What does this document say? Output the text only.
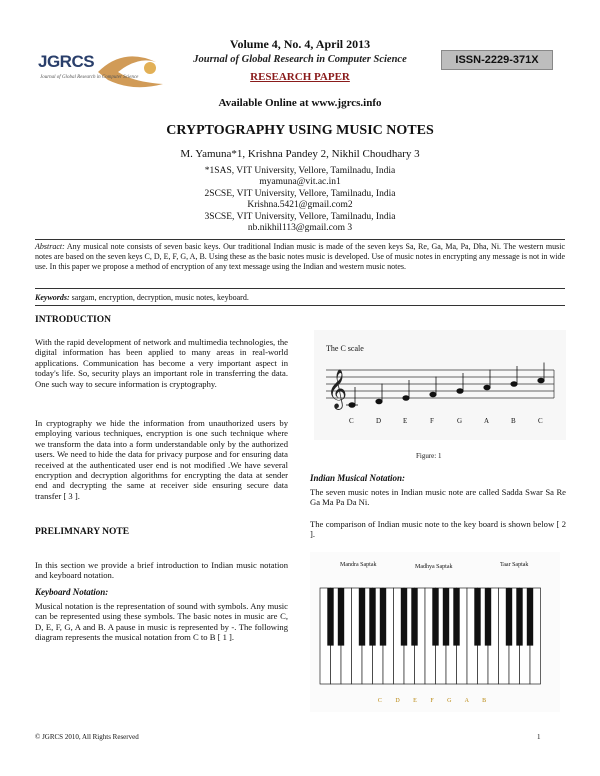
JGRCS
Journal of Global Research in Computer Science
Volume 4, No. 4, April 2013
Journal of Global Research in Computer Science
RESEARCH PAPER
Available Online at www.jgrcs.info
ISSN-2229-371X
CRYPTOGRAPHY USING MUSIC NOTES
M. Yamuna*1, Krishna Pandey 2, Nikhil Choudhary 3
*1SAS, VIT University, Vellore, Tamilnadu, India
myamuna@vit.ac.in1
2SCSE, VIT University, Vellore, Tamilnadu, India
Krishna.5421@gmail.com2
3SCSE, VIT University, Vellore, Tamilnadu, India
nb.nikhil113@gmail.com 3
Abstract: Any musical note consists of seven basic keys. Our traditional Indian music is made of the seven keys Sa, Re, Ga, Ma, Pa, Dha, Ni. The western music notes are based on the seven keys C, D, E, F, G, A, B. Using these as the basic notes music is developed. Use of music notes in encrypting any message is not in wide use. In this paper we propose a method of encryption of any text message using the Indian and western music notes.
Keywords: sargam, encryption, decryption, music notes, keyboard.
INTRODUCTION
With the rapid development of network and multimedia technologies, the digital information has been applied to many areas in real-world applications. Communication has become a very important aspect in today's life. So, security plays an important role in transferring the data. One such way to secure information is cryptography.
In cryptography we hide the information from unauthorized users by employing various techniques, encryption is one such technique where we transform the data into a form understandable only by the authorized users. We need to hide the data for privacy purpose and for ensuring data received at the authenticated user end is not modified .We have several encryption and decryption algorithms for encrypting the data at sender end and decrypting the same at receiver side ensuring secure data transfer [ 3 ].
PRELIMNARY NOTE
In this section we provide a brief introduction to Indian music notation and keyboard notation.
Keyboard Notation:
Musical notation is the representation of sound with symbols. Any music can be represented using these symbols. The basic notes in music are C, D, E, F, G, A and B. A pause in music is represented by -. The following diagram represents the musical notation from C to B [ 1 ].
The C scale
𝄞
C	D	E	F	G	A	B	C
Figure: 1
Indian Musical Notation:
The seven music notes in Indian music note are called Sadda Swar Sa Re Ga Ma Pa Da Ni.
The comparison of Indian music note to the key board is shown below [ 2 ].
Mandra Saptak	Madhya Saptak	Taar Saptak
C D E F G A B
© JGRCS 2010, All Rights Reserved	1
